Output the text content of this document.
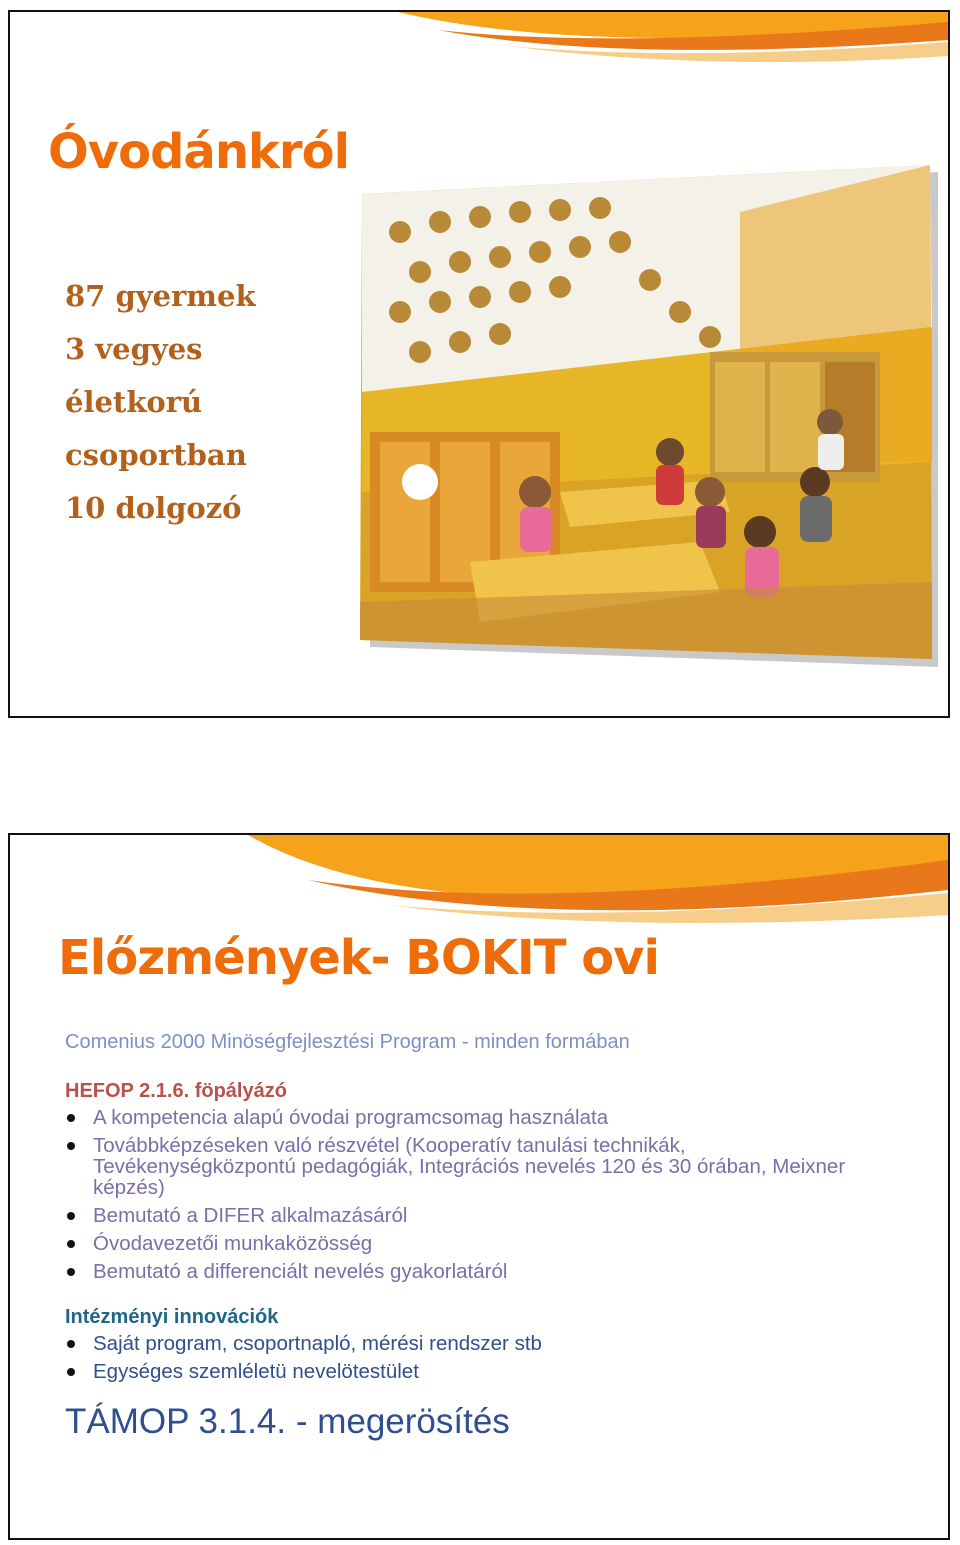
Óvodánkról
87 gyermek
3 vegyes
életkorú
csoportban
10 dolgozó
Előzmények- BOKIT ovi
Comenius 2000 Minöségfejlesztési Program - minden formában
HEFOP 2.1.6. föpályázó
A kompetencia alapú óvodai programcsomag használata
Továbbképzéseken való részvétel (Kooperatív tanulási technikák, Tevékenységközpontú pedagógiák, Integrációs nevelés 120 és 30 órában, Meixner képzés)
Bemutató a DIFER alkalmazásáról
Óvodavezetői munkaközösség
Bemutató a differenciált nevelés gyakorlatáról
Intézményi innovációk
Saját program, csoportnapló, mérési rendszer stb
Egységes szemléletü nevelötestület
TÁMOP 3.1.4. - megerösítés
